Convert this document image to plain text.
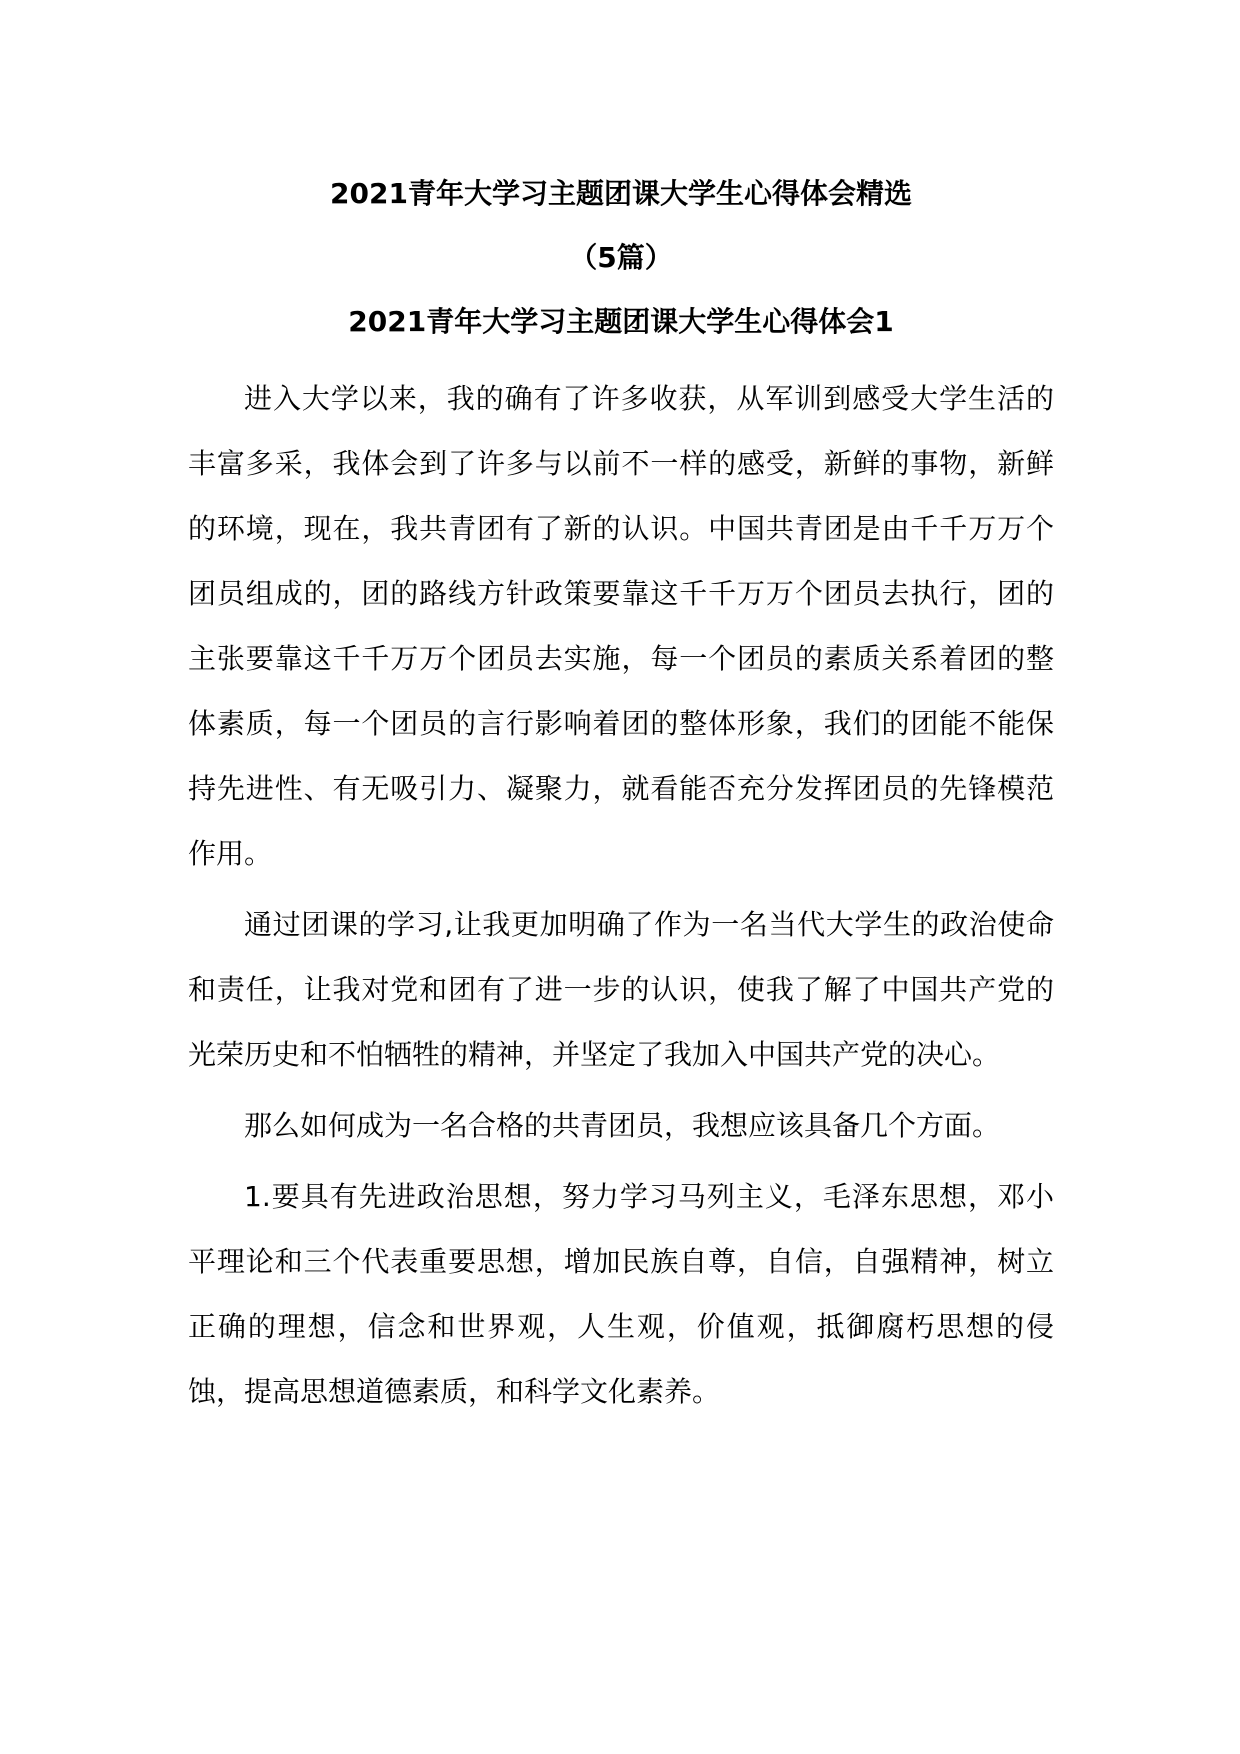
2021青年大学习主题团课大学生心得体会精选
（5篇）
2021青年大学习主题团课大学生心得体会1

进入大学以来，我的确有了许多收获，从军训到感受大学生活的丰富多采，我体会到了许多与以前不一样的感受，新鲜的事物，新鲜的环境，现在，我共青团有了新的认识。中国共青团是由千千万万个团员组成的，团的路线方针政策要靠这千千万万个团员去执行，团的主张要靠这千千万万个团员去实施，每一个团员的素质关系着团的整体素质，每一个团员的言行影响着团的整体形象，我们的团能不能保持先进性、有无吸引力、凝聚力，就看能否充分发挥团员的先锋模范作用。

通过团课的学习,让我更加明确了作为一名当代大学生的政治使命和责任，让我对党和团有了进一步的认识，使我了解了中国共产党的光荣历史和不怕牺牲的精神，并坚定了我加入中国共产党的决心。

那么如何成为一名合格的共青团员，我想应该具备几个方面。

1.要具有先进政治思想，努力学习马列主义，毛泽东思想，邓小平理论和三个代表重要思想，增加民族自尊，自信，自强精神，树立正确的理想，信念和世界观，人生观，价值观，抵御腐朽思想的侵蚀，提高思想道德素质，和科学文化素养。
